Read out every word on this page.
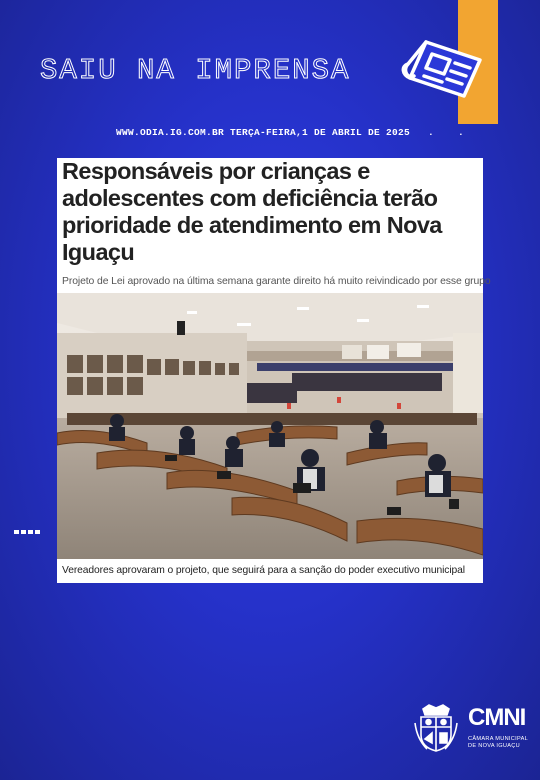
SAIU NA IMPRENSA
WWW.ODIA.IG.COM.BR TERÇA-FEIRA,1 DE ABRIL DE 2025   .    .
Responsáveis por crianças e adolescentes com deficiência terão prioridade de atendimento em Nova Iguaçu
Projeto de Lei aprovado na última semana garante direito há muito reivindicado por esse grupo
Vereadores aprovaram o projeto, que seguirá para a sanção do poder executivo municipal
CMNI
CÂMARA MUNICIPAL
DE NOVA IGUAÇU
